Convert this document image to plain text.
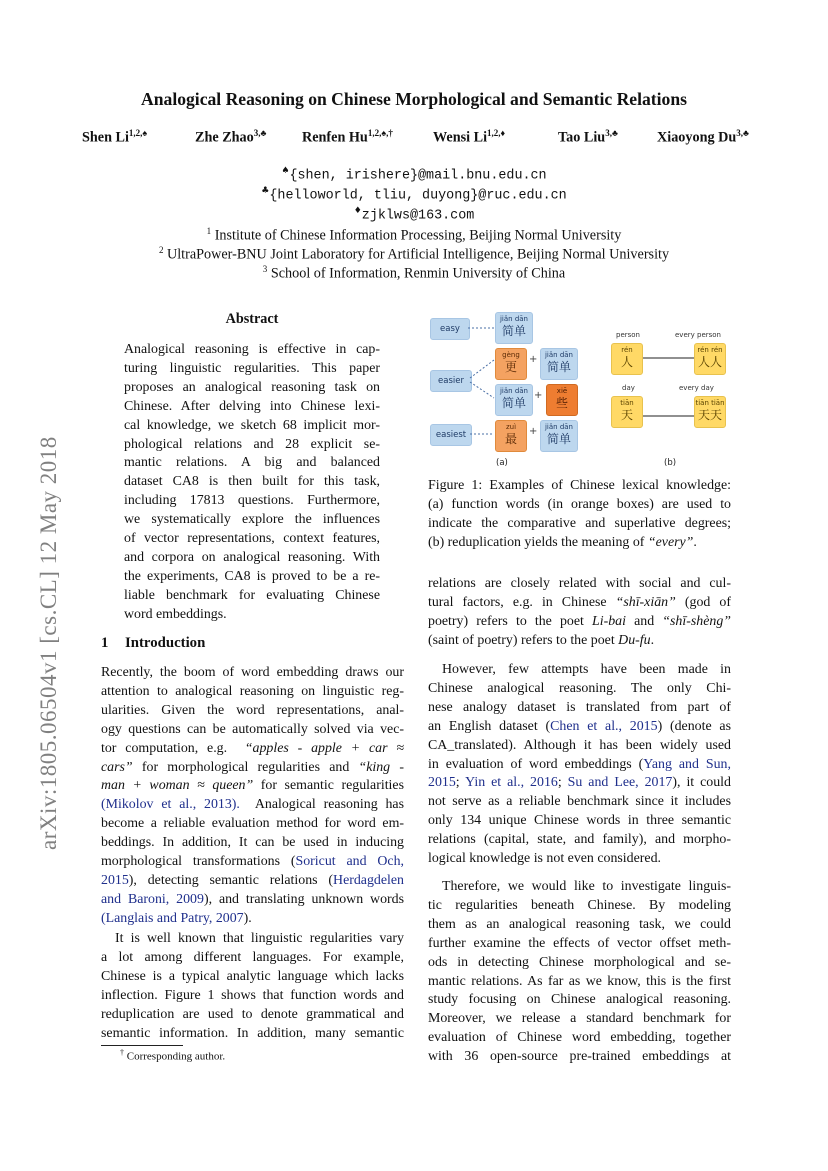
Analogical Reasoning on Chinese Morphological and Semantic Relations
Shen $Li^{1,2,♠}$	Zhe Zhao$^{3,♣}$	Renfen $Hu^{1,2,♠,\dagger}$	Wensi $Li^{1,2,♦}$	Tao Liu$^{3,♣}$	Xiaoyong $Du^{3,♣}$
♠{shen, irishere}@mail.bnu.edu.cn
♣{helloworld, tliu, duyong}@ruc.edu.cn
♦zjklws@163.com
$^1$ Institute of Chinese Information Processing, Beijing Normal University
$^2$ UltraPower-BNU Joint Laboratory for Artificial Intelligence, Beijing Normal University
$^3$ School of Information, Renmin University of China
arXiv:1805.06504v1 [cs.CL] 12 May 2018
Abstract
Analogical reasoning is effective in cap-
turing linguistic regularities. This paper
proposes an analogical reasoning task on
Chinese. After delving into Chinese lexi-
cal knowledge, we sketch 68 implicit mor-
phological relations and 28 explicit se-
mantic relations. A big and balanced
dataset CA8 is then built for this task,
including 17813 questions. Furthermore,
we systematically explore the influences
of vector representations, context features,
and corpora on analogical reasoning. With
the experiments, CA8 is proved to be a re-
liable benchmark for evaluating Chinese
word embeddings.
1 Introduction
Recently, the boom of word embedding draws our
attention to analogical reasoning on linguistic reg-
ularities. Given the word representations, anal-
ogy questions can be automatically solved via vec-
tor computation, e.g. “apples - apple + car ≈
cars” for morphological regularities and “king -
man + woman ≈ queen” for semantic regularities
(Mikolov et al., 2013). Analogical reasoning has
become a reliable evaluation method for word em-
beddings. In addition, It can be used in inducing
morphological transformations (Soricut and Och,
2015), detecting semantic relations (Herdagdelen
and Baroni, 2009), and translating unknown words
(Langlais and Patry, 2007).
It is well known that linguistic regularities vary
a lot among different languages. For example,
Chinese is a typical analytic language which lacks
inflection. Figure 1 shows that function words and
reduplication are used to denote grammatical and
semantic information. In addition, many semantic
† Corresponding author.
easy
easier
easiest
jiǎn dān
简单
gèng
更
+	jiǎn dān
简单
jiǎn dān
简单
+	xiē
些
zuì
最
+	jiǎn dān
简单
(a)
person	every person
day	every day
rén
人
rén rén
人人
tiān
天
tiān tiān
天天
(b)
Figure 1: Examples of Chinese lexical knowledge:
(a) function words (in orange boxes) are used to
indicate the comparative and superlative degrees;
(b) reduplication yields the meaning of “every”.
relations are closely related with social and cul-
tural factors, e.g. in Chinese “shī-xiān” (god of
poetry) refers to the poet Li-bai and “shī-shèng”
(saint of poetry) refers to the poet Du-fu.
However, few attempts have been made in
Chinese analogical reasoning. The only Chi-
nese analogy dataset is translated from part of
an English dataset (Chen et al., 2015) (denote as
CA_translated). Although it has been widely used
in evaluation of word embeddings (Yang and Sun,
2015; Yin et al., 2016; Su and Lee, 2017), it could
not serve as a reliable benchmark since it includes
only 134 unique Chinese words in three semantic
relations (capital, state, and family), and morpho-
logical knowledge is not even considered.
Therefore, we would like to investigate linguis-
tic regularities beneath Chinese. By modeling
them as an analogical reasoning task, we could
further examine the effects of vector offset meth-
ods in detecting Chinese morphological and se-
mantic relations. As far as we know, this is the first
study focusing on Chinese analogical reasoning.
Moreover, we release a standard benchmark for
evaluation of Chinese word embedding, together
with 36 open-source pre-trained embeddings at
